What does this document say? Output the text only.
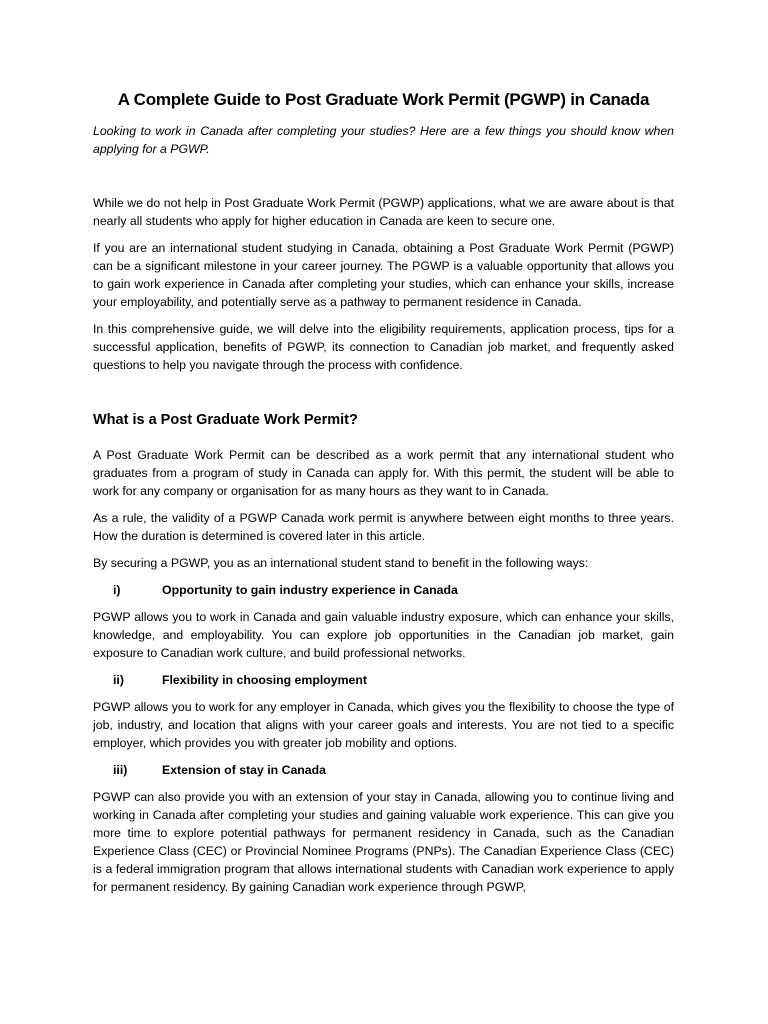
A Complete Guide to Post Graduate Work Permit (PGWP) in Canada

Looking to work in Canada after completing your studies? Here are a few things you should know when applying for a PGWP.

While we do not help in Post Graduate Work Permit (PGWP) applications, what we are aware about is that nearly all students who apply for higher education in Canada are keen to secure one.

If you are an international student studying in Canada, obtaining a Post Graduate Work Permit (PGWP) can be a significant milestone in your career journey. The PGWP is a valuable opportunity that allows you to gain work experience in Canada after completing your studies, which can enhance your skills, increase your employability, and potentially serve as a pathway to permanent residence in Canada.

In this comprehensive guide, we will delve into the eligibility requirements, application process, tips for a successful application, benefits of PGWP, its connection to Canadian job market, and frequently asked questions to help you navigate through the process with confidence.

What is a Post Graduate Work Permit?

A Post Graduate Work Permit can be described as a work permit that any international student who graduates from a program of study in Canada can apply for. With this permit, the student will be able to work for any company or organisation for as many hours as they want to in Canada.

As a rule, the validity of a PGWP Canada work permit is anywhere between eight months to three years. How the duration is determined is covered later in this article.

By securing a PGWP, you as an international student stand to benefit in the following ways:

i)	Opportunity to gain industry experience in Canada

PGWP allows you to work in Canada and gain valuable industry exposure, which can enhance your skills, knowledge, and employability. You can explore job opportunities in the Canadian job market, gain exposure to Canadian work culture, and build professional networks.

ii)	Flexibility in choosing employment

PGWP allows you to work for any employer in Canada, which gives you the flexibility to choose the type of job, industry, and location that aligns with your career goals and interests. You are not tied to a specific employer, which provides you with greater job mobility and options.

iii)	Extension of stay in Canada

PGWP can also provide you with an extension of your stay in Canada, allowing you to continue living and working in Canada after completing your studies and gaining valuable work experience. This can give you more time to explore potential pathways for permanent residency in Canada, such as the Canadian Experience Class (CEC) or Provincial Nominee Programs (PNPs). The Canadian Experience Class (CEC) is a federal immigration program that allows international students with Canadian work experience to apply for permanent residency. By gaining Canadian work experience through PGWP,
